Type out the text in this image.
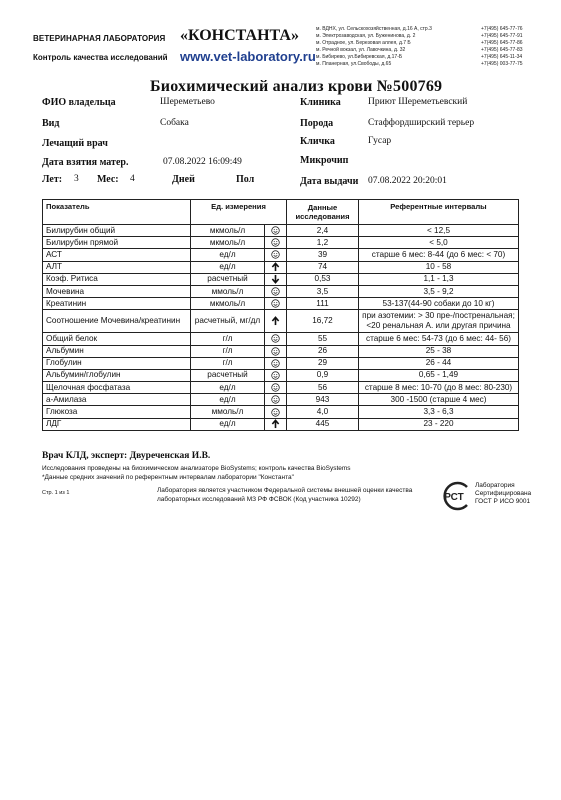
ВЕТЕРИНАРНАЯ ЛАБОРАТОРИЯ «КОНСТАНТА»
Контроль качества исследований www.vet-laboratory.ru
м. ВДНХ, ул. Сельскохозяйственная, д.16 А, стр.3
м. Электрозаводская, ул. Буженинова, д. 2
м. Отрадное, ул. Березовая аллея, д.7 Б
м. Речной вокзал, ул. Лавочкина, д. 32
м. Бибирево, ул.Бибиревская, д.17-Б
м. Планерная, ул.Свободы, д.65
+7(495) 645-77-76
+7(495) 645-77-91
+7(495) 645-77-86
+7(495) 645-77-83
+7(495) 645-11-34
+7(495) 003-77-75
Биохимический анализ крови №500769
ФИО владельца	Шереметьево	Клиника	Приют Шереметьевский
Вид	Собака	Порода	Стаффордширский терьер
Лечащий врач	Кличка	Гусар
Дата взятия матер.	07.08.2022 16:09:49	Микрочип
Лет: 3 Мес: 4	Дней	Пол	Дата выдачи 07.08.2022 20:20:01
Показатель	Ед. измерения		Данные исследования	Референтные интервалы
Билирубин общий	мкмоль/л		2,4	< 12,5
Билирубин прямой	мкмоль/л		1,2	< 5,0
АСТ	ед/л		39	старше 6 мес: 8-44 (до 6 мес: < 70)
АЛТ	ед/л		74	10 - 58
Коэф. Ритиса	расчетный		0,53	1,1 - 1,3
Мочевина	ммоль/л		3,5	3,5 - 9,2
Креатинин	мкмоль/л		111	53-137(44-90 собаки до 10 кг)
Соотношение Мочевина/креатинин	расчетный, мг/дл		16,72	при азотемии: > 30 пре-/постренальная; <20 ренальная А. или другая причина
Общий белок	г/л		55	старше 6 мес: 54-73 (до 6 мес: 44- 56)
Альбумин	г/л		26	25 - 38
Глобулин	г/л		29	26 - 44
Альбумин/глобулин	расчетный		0,9	0,65 - 1,49
Щелочная фосфатаза	ед/л		56	старше 8 мес: 10-70 (до 8 мес: 80-230)
а-Амилаза	ед/л		943	300 -1500 (старше 4 мес)
Глюкоза	ммоль/л		4,0	3,3 - 6,3
ЛДГ	ед/л		445	23 - 220
Врач КЛД, эксперт: Двуреченская И.В.
Исследования проведены на биохимическом анализаторе BioSystems; контроль качества BioSystems
*Данные средних значений по референтным интервалам лаборатории "Константа"
Стр. 1 из 1	Лаборатория является участником Федеральной системы внешней оценки качества
лабораторных исследований МЗ РФ ФСВОК (Код участника 10292)	РСТ
Лаборатория
Сертифицирована
ГОСТ Р ИСО 9001
